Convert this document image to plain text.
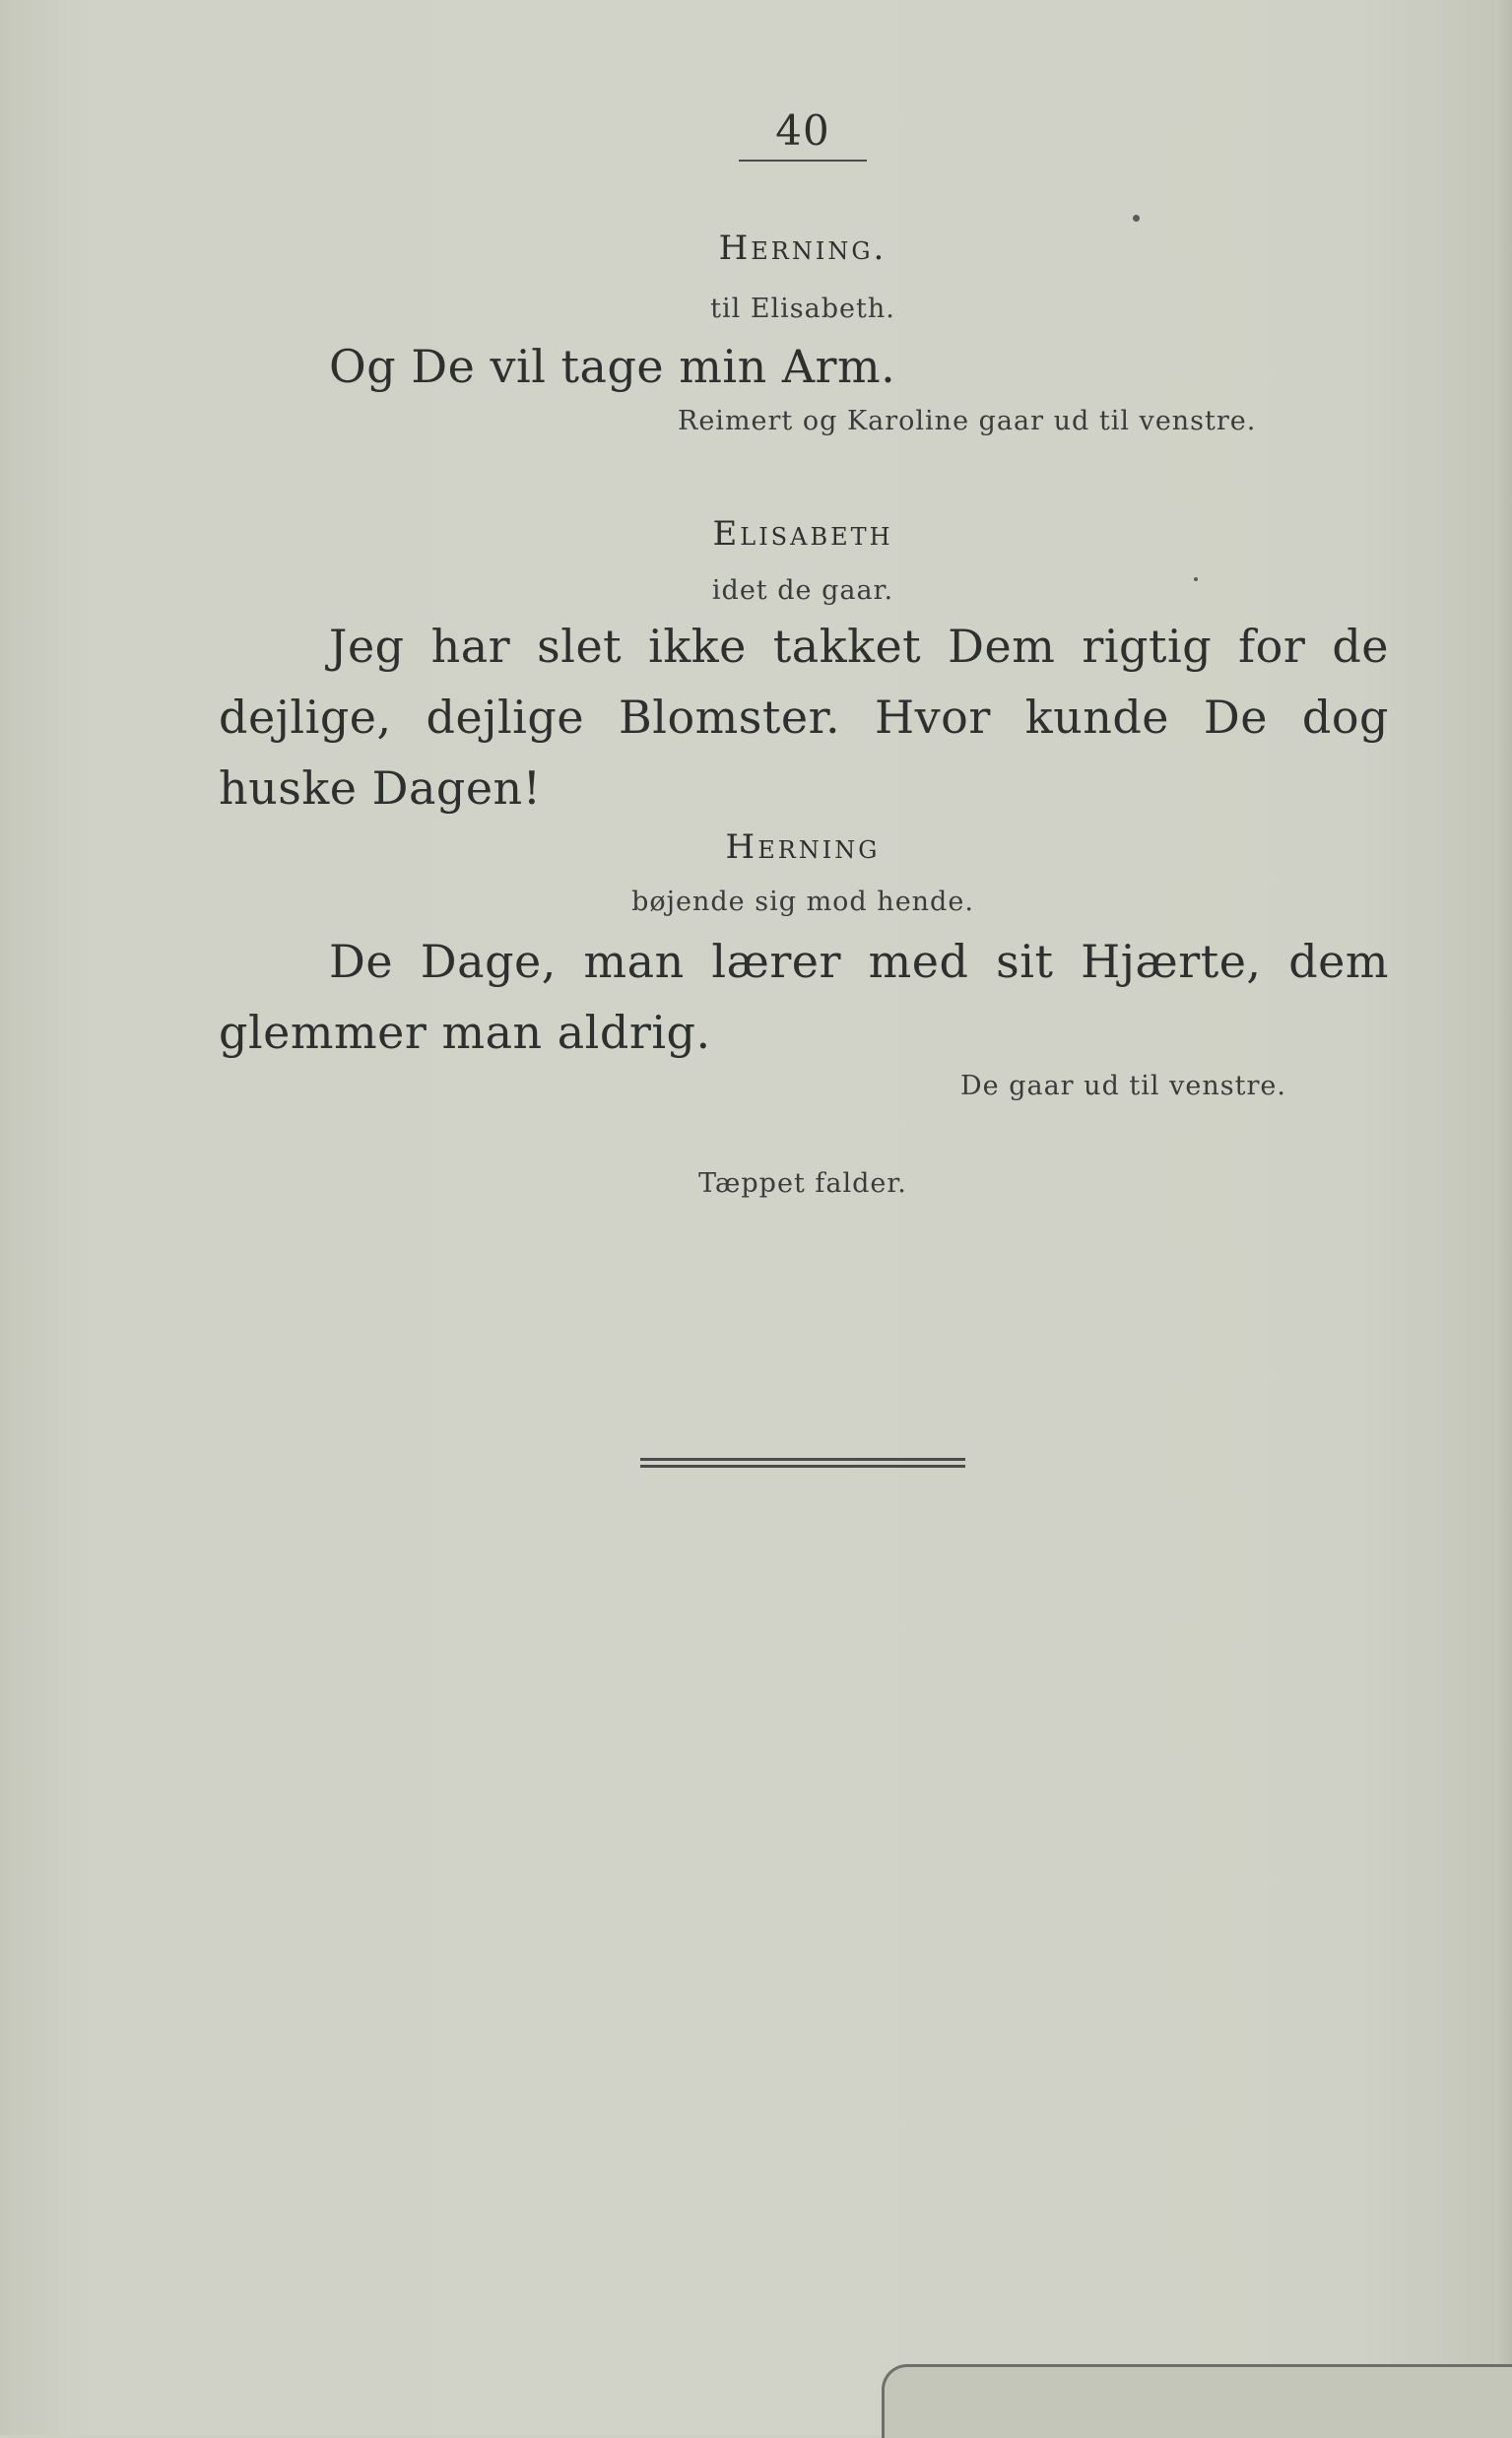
40
Herning.
til Elisabeth.
Og De vil tage min Arm.
Reimert og Karoline gaar ud til venstre.
Elisabeth
idet de gaar.
Jeg har slet ikke takket Dem rigtig for de dejlige, dejlige Blomster. Hvor kunde De dog huske Dagen!
Herning
bøjende sig mod hende.
De Dage, man lærer med sit Hjærte, dem glemmer man aldrig.
De gaar ud til venstre.
Tæppet falder.
